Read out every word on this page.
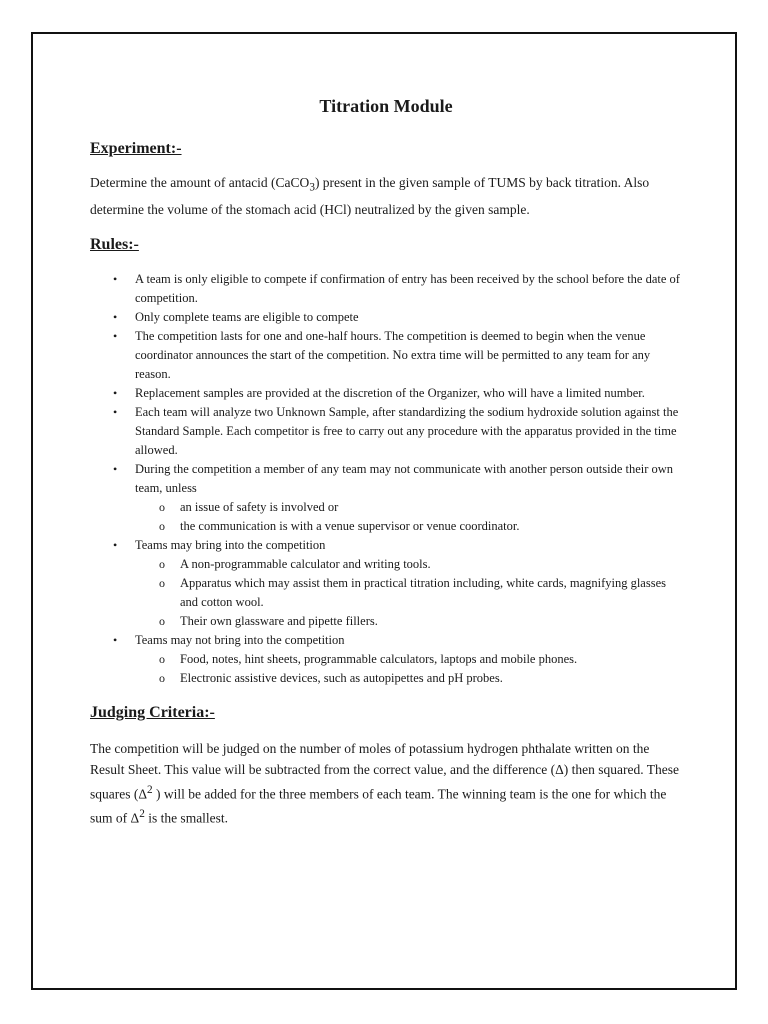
Titration Module
Experiment:-

Determine the amount of antacid (CaCO$_3$) present in the given sample of TUMS by back titration. Also determine the volume of the stomach acid (HCl) neutralized by the given sample.

Rules:-
• A team is only eligible to compete if confirmation of entry has been received by the school before the date of competition.
• Only complete teams are eligible to compete
• The competition lasts for one and one-half hours. The competition is deemed to begin when the venue coordinator announces the start of the competition. No extra time will be permitted to any team for any reason.
• Replacement samples are provided at the discretion of the Organizer, who will have a limited number.
• Each team will analyze two Unknown Sample, after standardizing the sodium hydroxide solution against the Standard Sample. Each competitor is free to carry out any procedure with the apparatus provided in the time allowed.
• During the competition a member of any team may not communicate with another person outside their own team, unless
o an issue of safety is involved or
o the communication is with a venue supervisor or venue coordinator.
• Teams may bring into the competition
o A non-programmable calculator and writing tools.
o Apparatus which may assist them in practical titration including, white cards, magnifying glasses and cotton wool.
o Their own glassware and pipette fillers.
• Teams may not bring into the competition
o Food, notes, hint sheets, programmable calculators, laptops and mobile phones.
o Electronic assistive devices, such as autopipettes and pH probes.
Judging Criteria:-

The competition will be judged on the number of moles of potassium hydrogen phthalate written on the Result Sheet. This value will be subtracted from the correct value, and the difference (Δ) then squared. These squares ($\Delta^2$ ) will be added for the three members of each team. The winning team is the one for which the sum of $\Delta^2$ is the smallest.
